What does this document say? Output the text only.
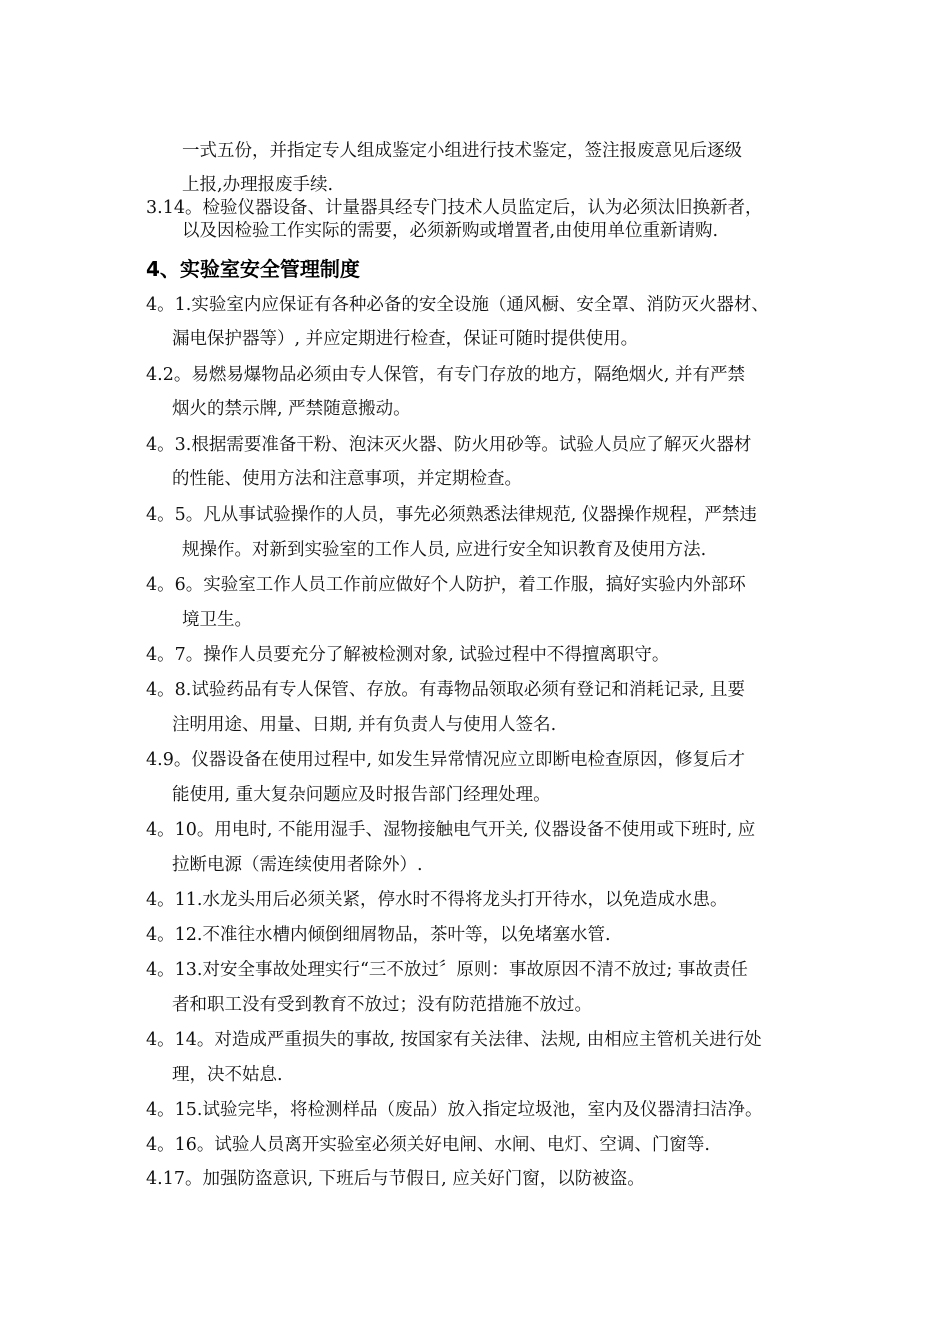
一式五份，并指定专人组成鉴定小组进行技术鉴定，签注报废意见后逐级
上报,办理报废手续.
3.14。检验仪器设备、计量器具经专门技术人员监定后，认为必须汰旧换新者，
以及因检验工作实际的需要，必须新购或增置者,由使用单位重新请购.
4、实验室安全管理制度
4。1.实验室内应保证有各种必备的安全设施（通风橱、安全罩、消防灭火器材、
漏电保护器等）, 并应定期进行检查，保证可随时提供使用。
4.2。易燃易爆物品必须由专人保管，有专门存放的地方，隔绝烟火, 并有严禁
烟火的禁示牌, 严禁随意搬动。
4。3.根据需要准备干粉、泡沫灭火器、防火用砂等。试验人员应了解灭火器材
的性能、使用方法和注意事项，并定期检查。
4。5。凡从事试验操作的人员，事先必须熟悉法律规范, 仪器操作规程，严禁违
规操作。对新到实验室的工作人员, 应进行安全知识教育及使用方法.
4。6。实验室工作人员工作前应做好个人防护，着工作服，搞好实验内外部环
境卫生。
4。7。操作人员要充分了解被检测对象, 试验过程中不得擅离职守。
4。8.试验药品有专人保管、存放。有毒物品领取必须有登记和消耗记录, 且要
注明用途、用量、日期, 并有负责人与使用人签名.
4.9。仪器设备在使用过程中, 如发生异常情况应立即断电检查原因，修复后才
能使用, 重大复杂问题应及时报告部门经理处理。
4。10。用电时, 不能用湿手、湿物接触电气开关, 仪器设备不使用或下班时, 应
拉断电源（需连续使用者除外）.
4。11.水龙头用后必须关紧，停水时不得将龙头打开待水，以免造成水患。
4。12.不准往水槽内倾倒细屑物品，茶叶等，以免堵塞水管.
4。13.对安全事故处理实行“三不放过〞原则：事故原因不清不放过; 事故责任
者和职工没有受到教育不放过；没有防范措施不放过。
4。14。对造成严重损失的事故, 按国家有关法律、法规, 由相应主管机关进行处
理，决不姑息.
4。15.试验完毕，将检测样品（废品）放入指定垃圾池，室内及仪器清扫洁净。
4。16。试验人员离开实验室必须关好电闸、水闸、电灯、空调、门窗等.
4.17。加强防盗意识, 下班后与节假日, 应关好门窗，以防被盗。
